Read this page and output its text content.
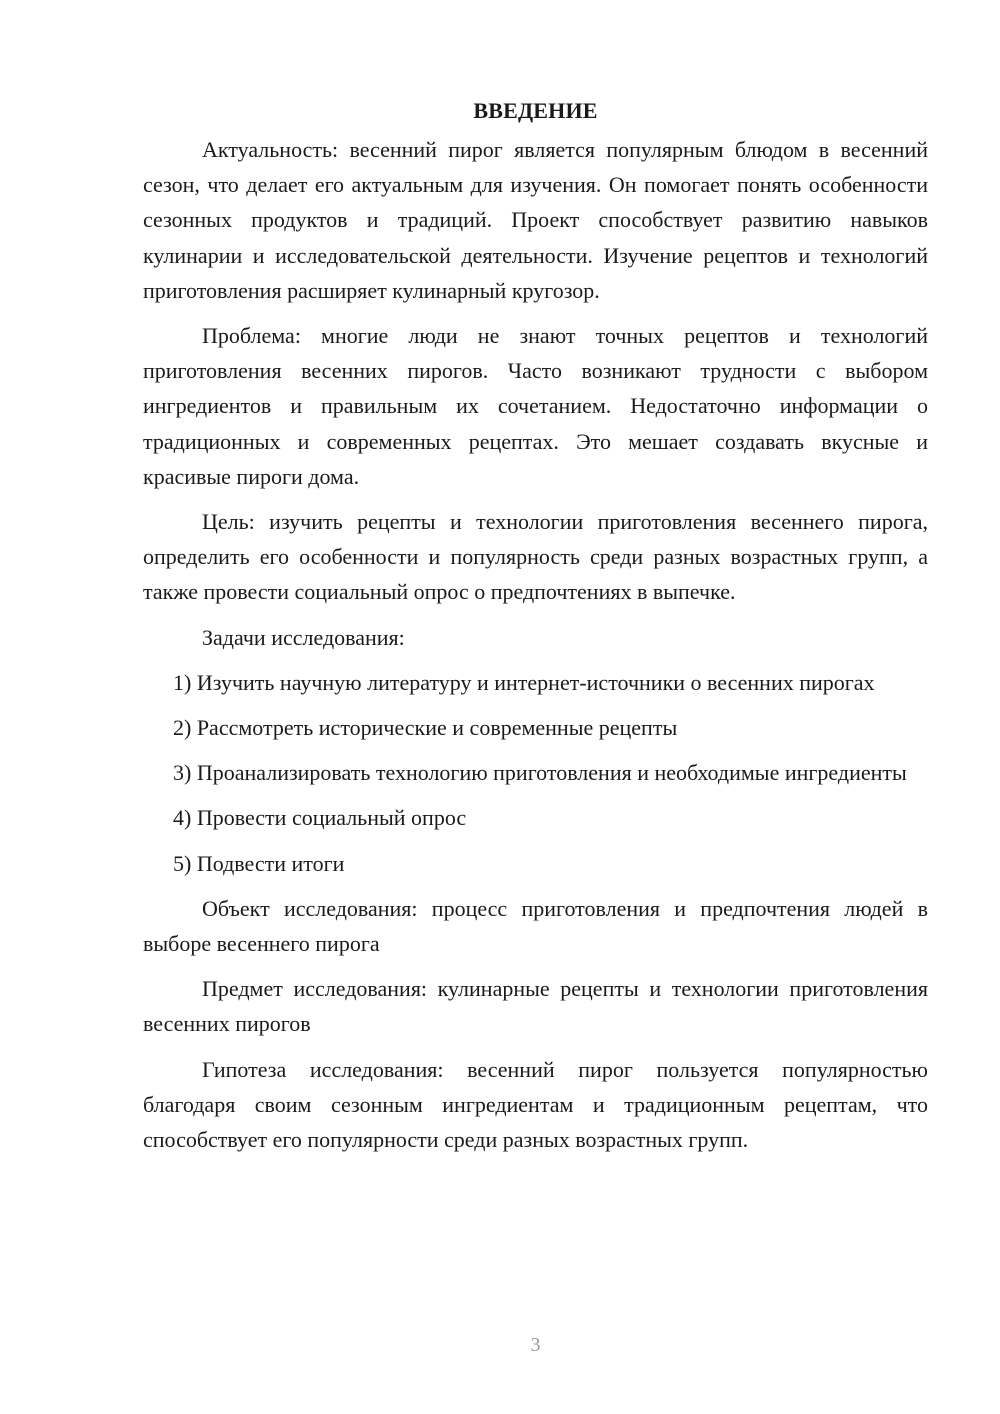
ВВЕДЕНИЕ

Актуальность: весенний пирог является популярным блюдом в весенний сезон, что делает его актуальным для изучения. Он помогает понять особенности сезонных продуктов и традиций. Проект способствует развитию навыков кулинарии и исследовательской деятельности. Изучение рецептов и технологий приготовления расширяет кулинарный кругозор.

Проблема: многие люди не знают точных рецептов и технологий приготовления весенних пирогов. Часто возникают трудности с выбором ингредиентов и правильным их сочетанием. Недостаточно информации о традиционных и современных рецептах. Это мешает создавать вкусные и красивые пироги дома.

Цель: изучить рецепты и технологии приготовления весеннего пирога, определить его особенности и популярность среди разных возрастных групп, а также провести социальный опрос о предпочтениях в выпечке.

Задачи исследования:

1) Изучить научную литературу и интернет-источники о весенних пирогах

2) Рассмотреть исторические и современные рецепты

3) Проанализировать технологию приготовления и необходимые ингредиенты

4) Провести социальный опрос

5) Подвести итоги

Объект исследования: процесс приготовления и предпочтения людей в выборе весеннего пирога

Предмет исследования: кулинарные рецепты и технологии приготовления весенних пирогов

Гипотеза исследования: весенний пирог пользуется популярностью благодаря своим сезонным ингредиентам и традиционным рецептам, что способствует его популярности среди разных возрастных групп.

3
